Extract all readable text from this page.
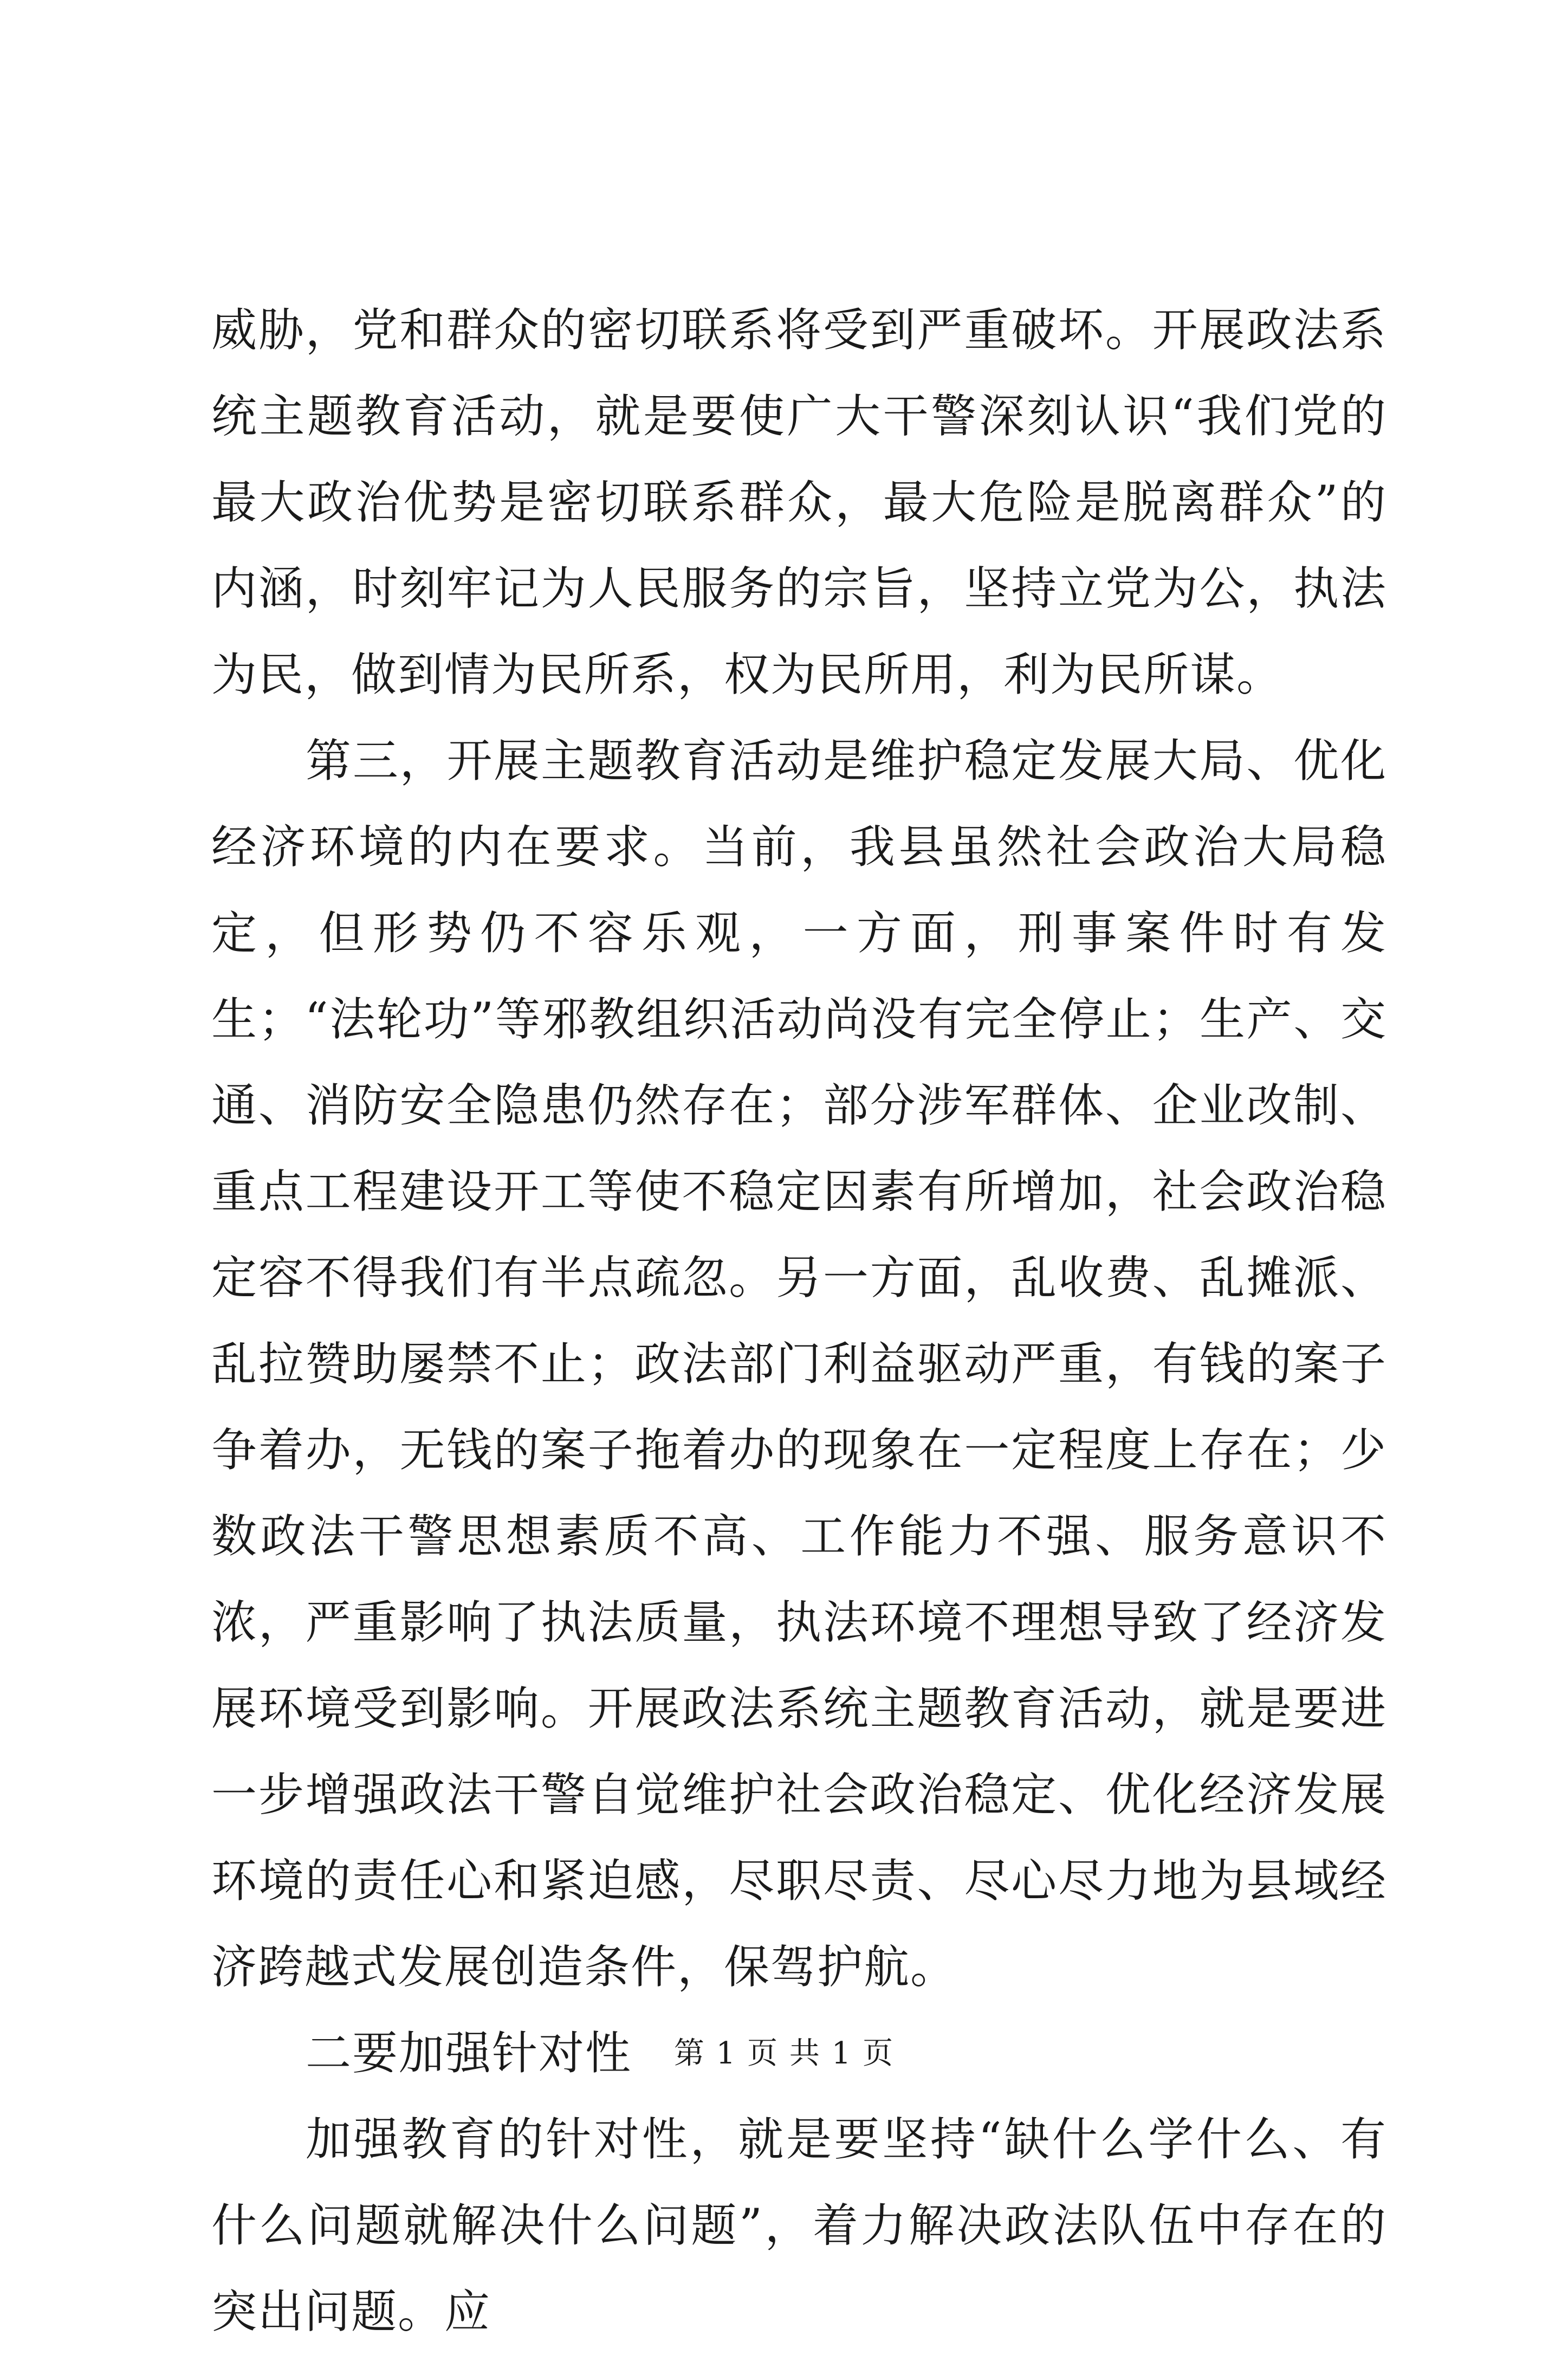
威胁，党和群众的密切联系将受到严重破坏。开展政法系统主题教育活动，就是要使广大干警深刻认识“我们党的最大政治优势是密切联系群众，最大危险是脱离群众”的内涵，时刻牢记为人民服务的宗旨，坚持立党为公，执法为民，做到情为民所系，权为民所用，利为民所谋。

第三，开展主题教育活动是维护稳定发展大局、优化经济环境的内在要求。当前，我县虽然社会政治大局稳定，但形势仍不容乐观，一方面，刑事案件时有发生；“法轮功”等邪教组织活动尚没有完全停止；生产、交通、消防安全隐患仍然存在；部分涉军群体、企业改制、重点工程建设开工等使不稳定因素有所增加，社会政治稳定容不得我们有半点疏忽。另一方面，乱收费、乱摊派、乱拉赞助屡禁不止；政法部门利益驱动严重，有钱的案子争着办，无钱的案子拖着办的现象在一定程度上存在；少数政法干警思想素质不高、工作能力不强、服务意识不浓，严重影响了执法质量，执法环境不理想导致了经济发展环境受到影响。开展政法系统主题教育活动，就是要进一步增强政法干警自觉维护社会政治稳定、优化经济发展环境的责任心和紧迫感，尽职尽责、尽心尽力地为县域经济跨越式发展创造条件，保驾护航。

二要加强针对性

加强教育的针对性，就是要坚持“缺什么学什么、有什么问题就解决什么问题”，着力解决政法队伍中存在的突出问题。应

第 1 页 共 1 页
